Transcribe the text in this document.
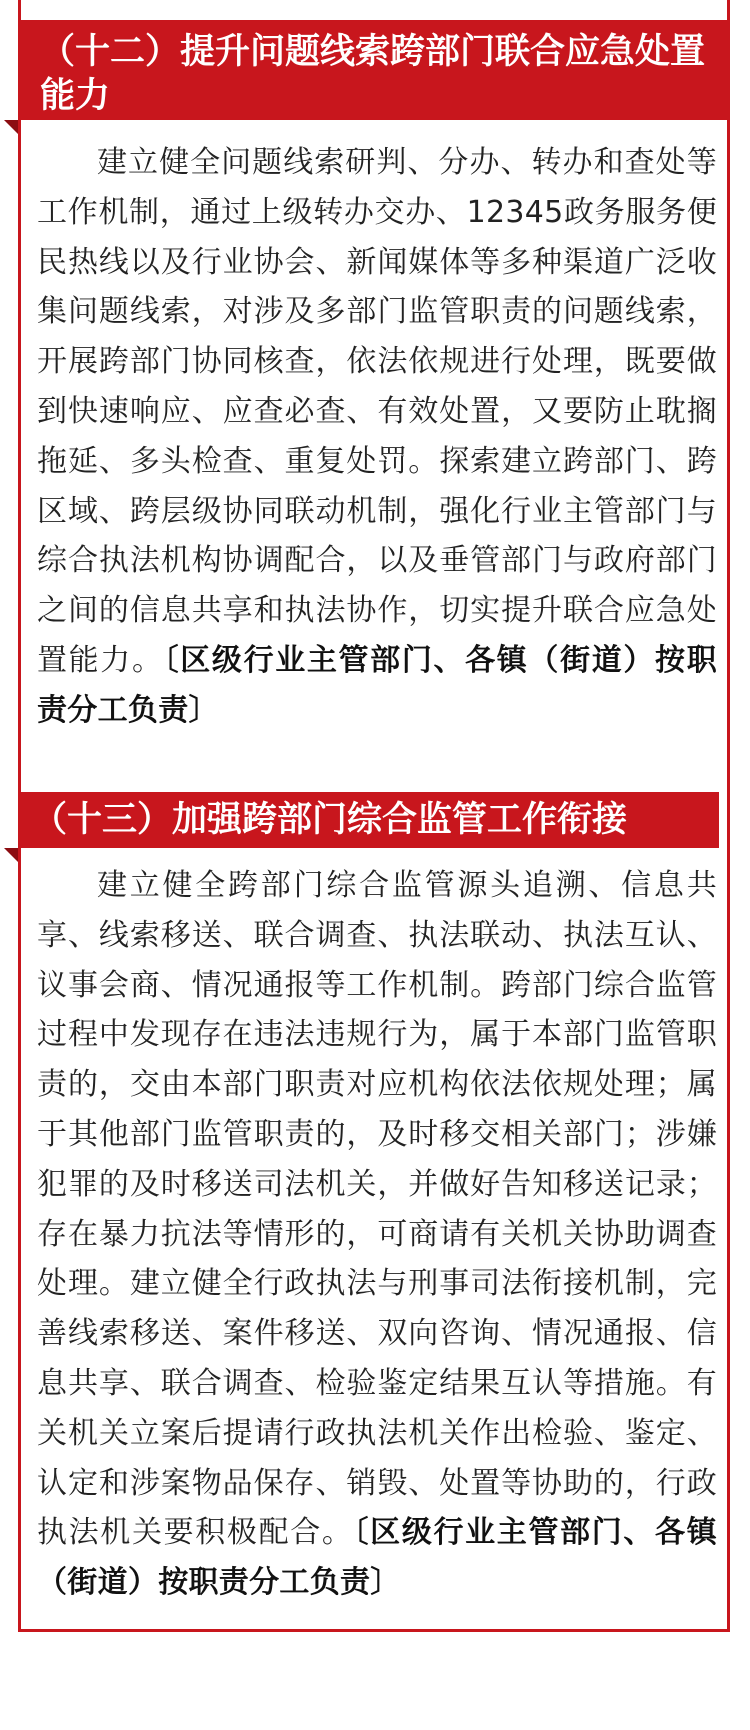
（十二）提升问题线索跨部门联合应急处置能力

建立健全问题线索研判、分办、转办和查处等工作机制，通过上级转办交办、12345政务服务便民热线以及行业协会、新闻媒体等多种渠道广泛收集问题线索，对涉及多部门监管职责的问题线索，开展跨部门协同核查，依法依规进行处理，既要做到快速响应、应查必查、有效处置，又要防止耽搁拖延、多头检查、重复处罚。探索建立跨部门、跨区域、跨层级协同联动机制，强化行业主管部门与综合执法机构协调配合，以及垂管部门与政府部门之间的信息共享和执法协作，切实提升联合应急处置能力。〔区级行业主管部门、各镇（街道）按职责分工负责〕

（十三）加强跨部门综合监管工作衔接

建立健全跨部门综合监管源头追溯、信息共享、线索移送、联合调查、执法联动、执法互认、议事会商、情况通报等工作机制。跨部门综合监管过程中发现存在违法违规行为，属于本部门监管职责的，交由本部门职责对应机构依法依规处理；属于其他部门监管职责的，及时移交相关部门；涉嫌犯罪的及时移送司法机关，并做好告知移送记录；存在暴力抗法等情形的，可商请有关机关协助调查处理。建立健全行政执法与刑事司法衔接机制，完善线索移送、案件移送、双向咨询、情况通报、信息共享、联合调查、检验鉴定结果互认等措施。有关机关立案后提请行政执法机关作出检验、鉴定、认定和涉案物品保存、销毁、处置等协助的，行政执法机关要积极配合。〔区级行业主管部门、各镇（街道）按职责分工负责〕
